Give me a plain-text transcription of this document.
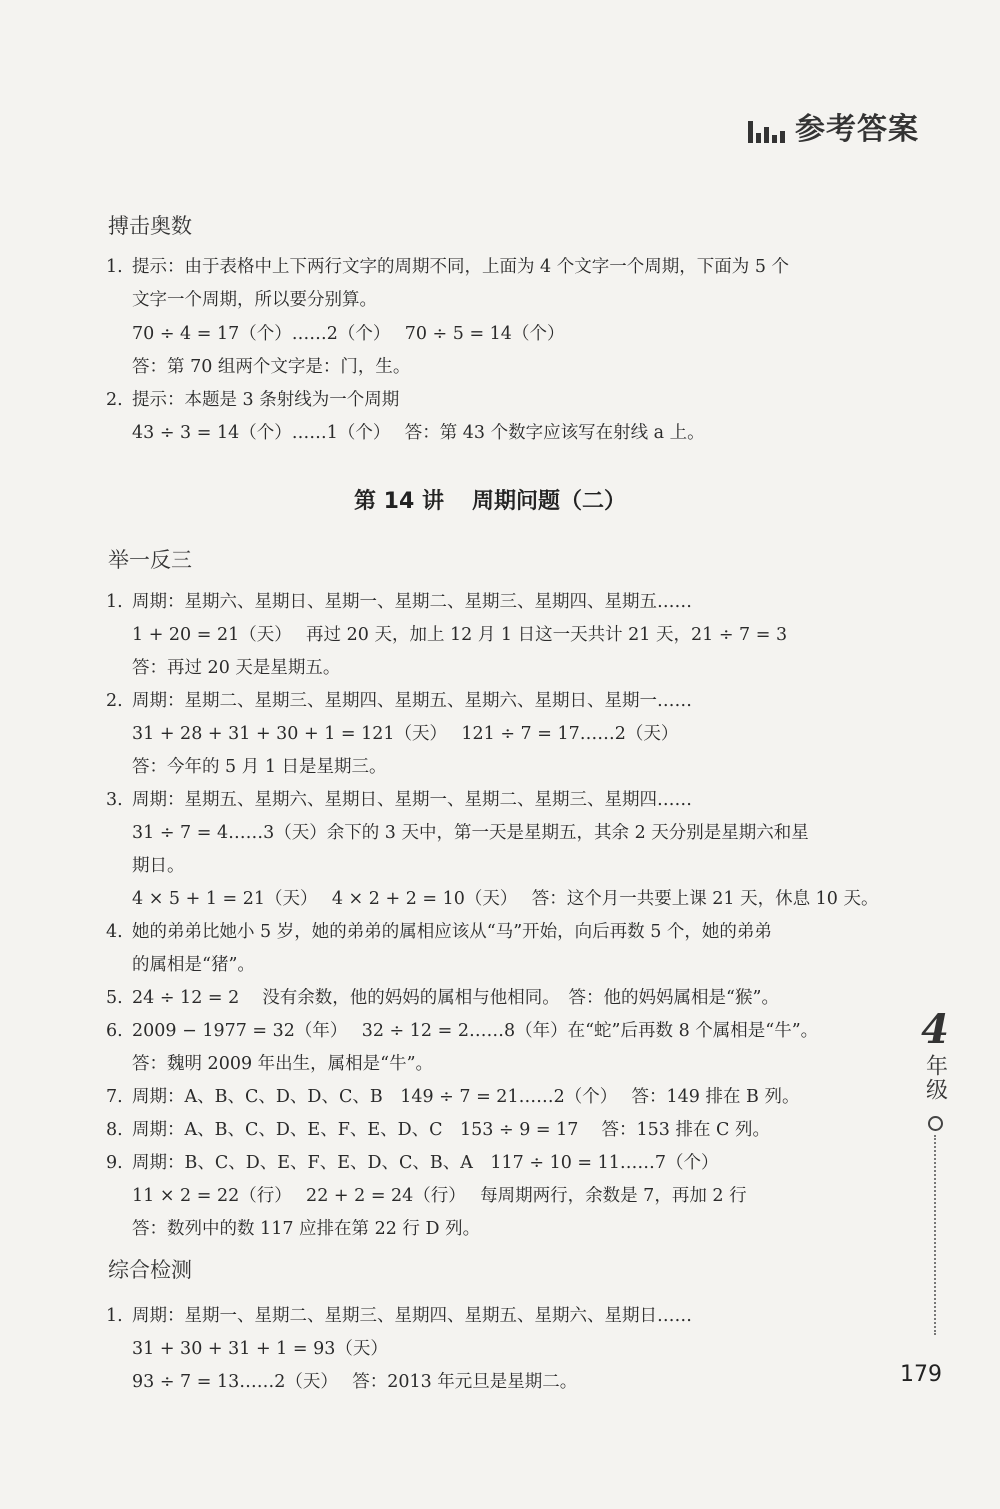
参考答案
搏击奥数
第 14 讲 周期问题（二）
举一反三
综合检测
1. 提示：由于表格中上下两行文字的周期不同，上面为 4 个文字一个周期，下面为 5 个
文字一个周期，所以要分别算。
70 ÷ 4 = 17（个）……2（个）　 70 ÷ 5 = 14（个）
答：第 70 组两个文字是：门，生。
2. 提示：本题是 3 条射线为一个周期
43 ÷ 3 = 14（个）……1（个）　 答：第 43 个数字应该写在射线 a 上。
1. 周期：星期六、星期日、星期一、星期二、星期三、星期四、星期五……
1 + 20 = 21（天）　 再过 20 天，加上 12 月 1 日这一天共计 21 天，21 ÷ 7 = 3
答：再过 20 天是星期五。
2. 周期：星期二、星期三、星期四、星期五、星期六、星期日、星期一……
31 + 28 + 31 + 30 + 1 = 121（天）　 121 ÷ 7 = 17……2（天）
答：今年的 5 月 1 日是星期三。
3. 周期：星期五、星期六、星期日、星期一、星期二、星期三、星期四……
31 ÷ 7 = 4……3（天）余下的 3 天中，第一天是星期五，其余 2 天分别是星期六和星
期日。
4 × 5 + 1 = 21（天）　 4 × 2 + 2 = 10（天）　 答：这个月一共要上课 21 天，休息 10 天。
4. 她的弟弟比她小 5 岁，她的弟弟的属相应该从“马”开始，向后再数 5 个，她的弟弟
的属相是“猪”。
5. 24 ÷ 12 = 2　 没有余数，他的妈妈的属相与他相同。　答：他的妈妈属相是“猴”。
6. 2009 − 1977 = 32（年）　 32 ÷ 12 = 2……8（年）在“蛇”后再数 8 个属相是“牛”。
答：魏明 2009 年出生，属相是“牛”。
7. 周期：A、B、C、D、D、C、B　149 ÷ 7 = 21……2（个）　 答：149 排在 B 列。
8. 周期：A、B、C、D、E、F、E、D、C　153 ÷ 9 = 17　 答：153 排在 C 列。
9. 周期：B、C、D、E、F、E、D、C、B、A　117 ÷ 10 = 11……7（个）
11 × 2 = 22（行）　 22 + 2 = 24（行）　 每周期两行，余数是 7，再加 2 行
答：数列中的数 117 应排在第 22 行 D 列。
1. 周期：星期一、星期二、星期三、星期四、星期五、星期六、星期日……
31 + 30 + 31 + 1 = 93（天）
93 ÷ 7 = 13……2（天）　 答：2013 年元旦是星期二。
4
年级
179
